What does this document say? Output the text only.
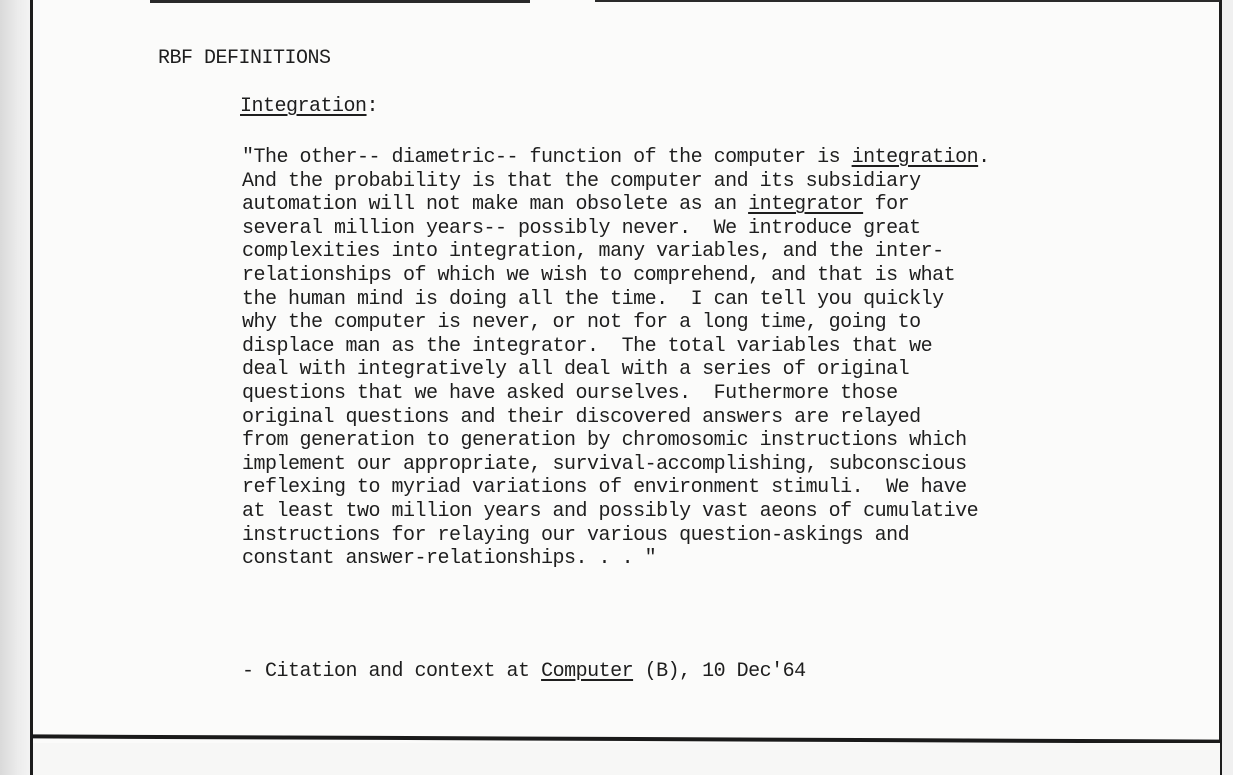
RBF DEFINITIONS
Integration:
"The other-- diametric-- function of the computer is integration.
And the probability is that the computer and its subsidiary
automation will not make man obsolete as an integrator for
several million years-- possibly never.  We introduce great
complexities into integration, many variables, and the inter-
relationships of which we wish to comprehend, and that is what
the human mind is doing all the time.  I can tell you quickly
why the computer is never, or not for a long time, going to
displace man as the integrator.  The total variables that we
deal with integratively all deal with a series of original
questions that we have asked ourselves.  Futhermore those
original questions and their discovered answers are relayed
from generation to generation by chromosomic instructions which
implement our appropriate, survival-accomplishing, subconscious
reflexing to myriad variations of environment stimuli.  We have
at least two million years and possibly vast aeons of cumulative
instructions for relaying our various question-askings and
constant answer-relationships. . . "
- Citation and context at Computer (B), 10 Dec'64
